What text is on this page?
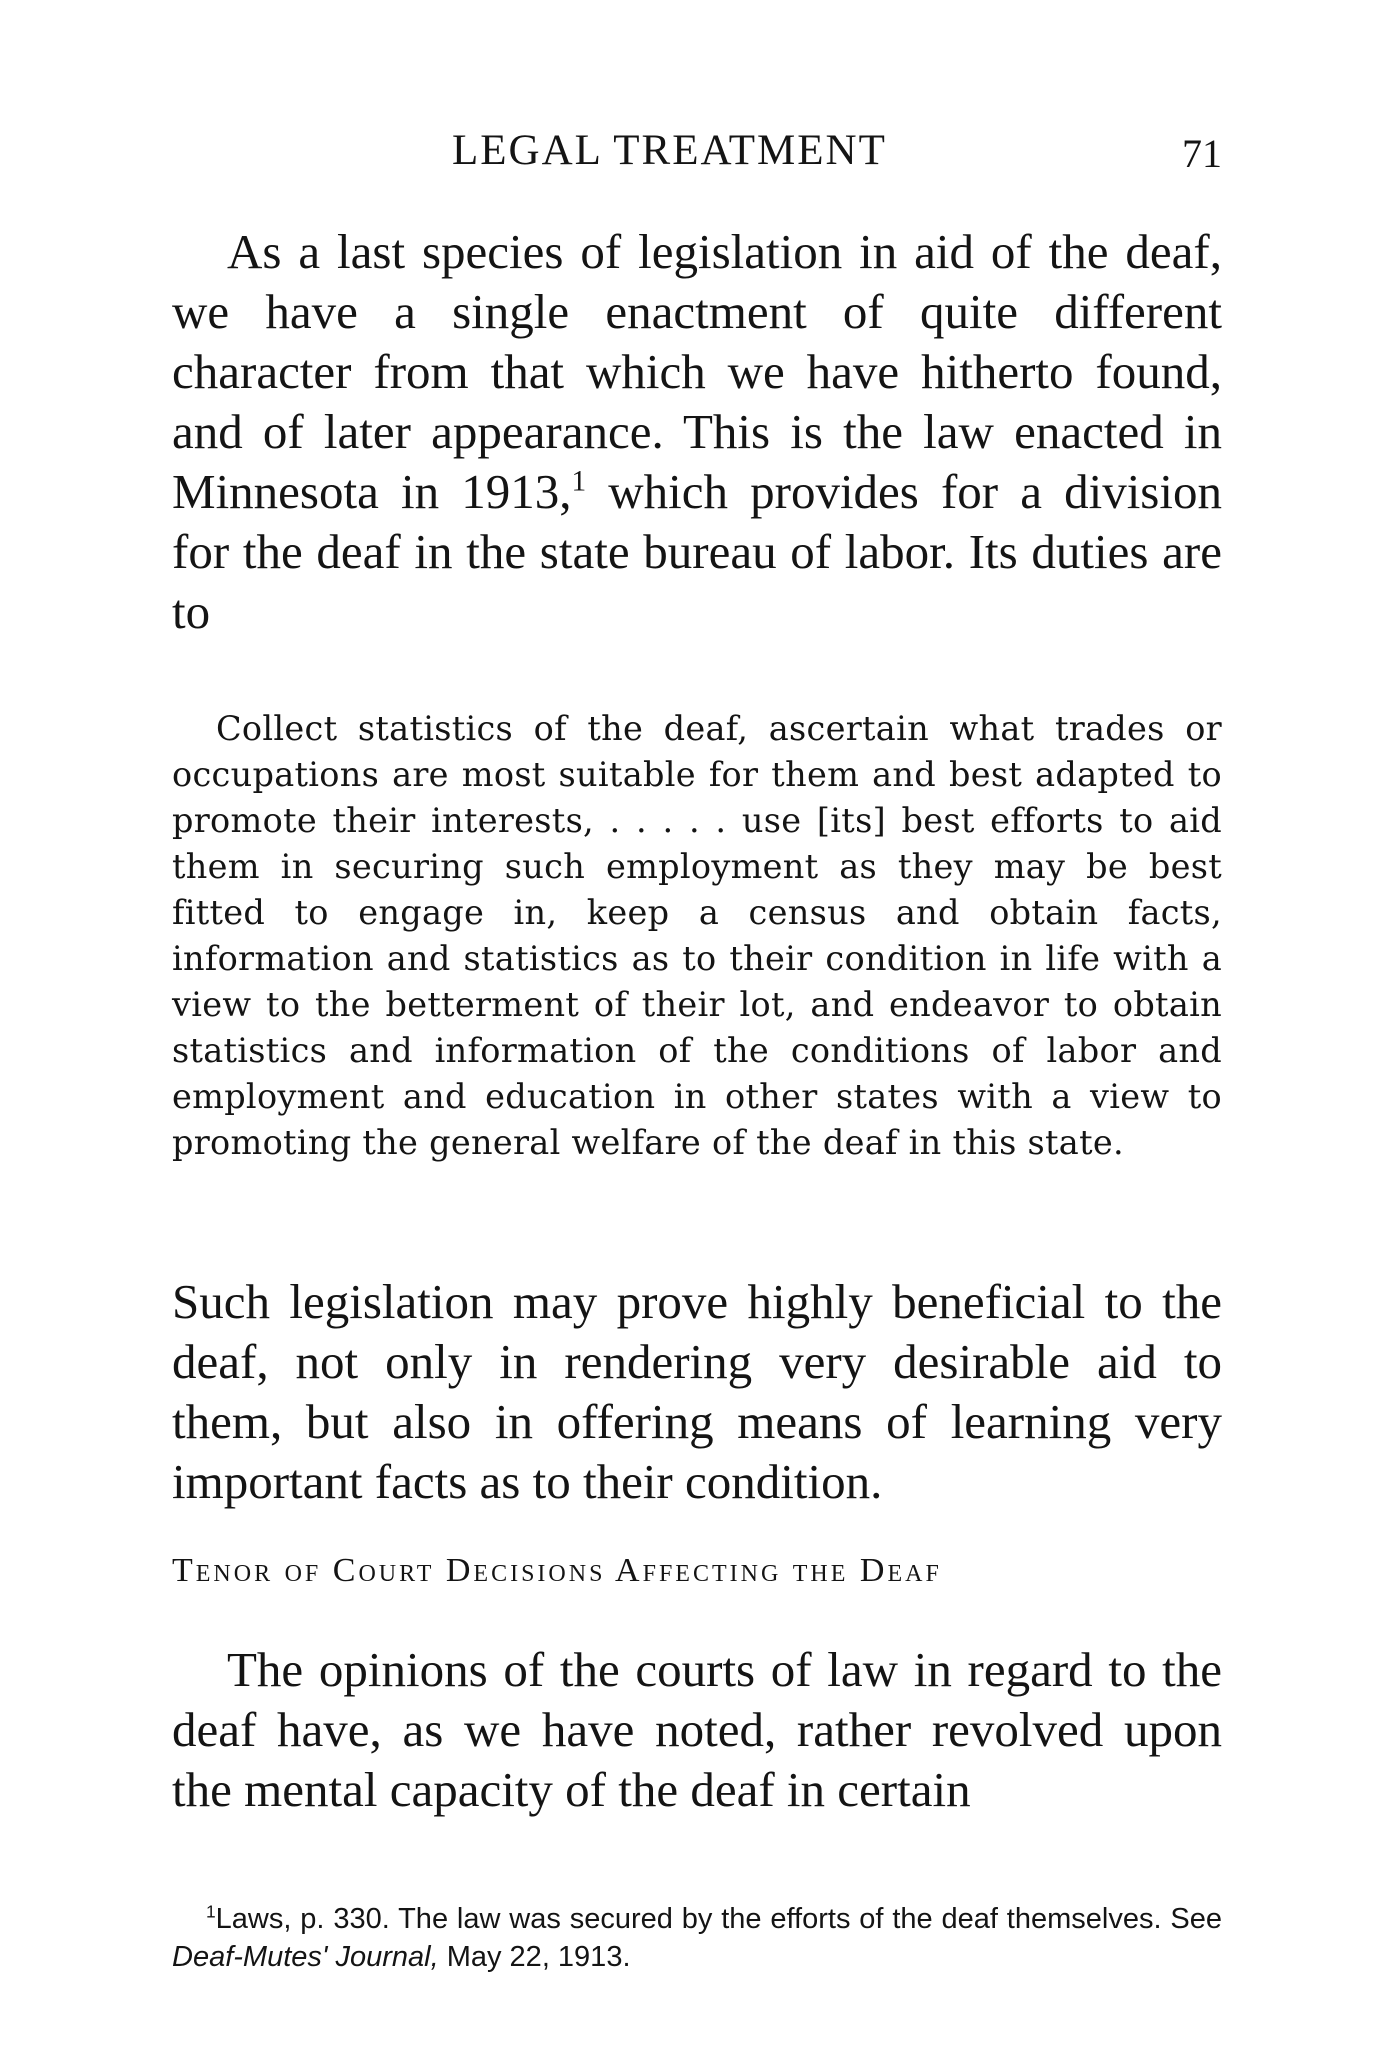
LEGAL TREATMENT	71

As a last species of legislation in aid of the deaf, we have a single enactment of quite different character from that which we have hitherto found, and of later appearance. This is the law enacted in Minnesota in 1913,$^1$ which provides for a division for the deaf in the state bureau of labor. Its duties are to

Collect statistics of the deaf, ascertain what trades or occupations are most suitable for them and best adapted to promote their interests, . . . . . use [its] best efforts to aid them in securing such employment as they may be best fitted to engage in, keep a census and obtain facts, information and statistics as to their condition in life with a view to the betterment of their lot, and endeavor to obtain statistics and information of the conditions of labor and employment and education in other states with a view to promoting the general welfare of the deaf in this state.

Such legislation may prove highly beneficial to the deaf, not only in rendering very desirable aid to them, but also in offering means of learning very important facts as to their condition.

Tenor of Court Decisions Affecting the Deaf

The opinions of the courts of law in regard to the deaf have, as we have noted, rather revolved upon the mental capacity of the deaf in certain

$^1$Laws, p. 330. The law was secured by the efforts of the deaf themselves. See Deaf-Mutes' Journal, May 22, 1913.
